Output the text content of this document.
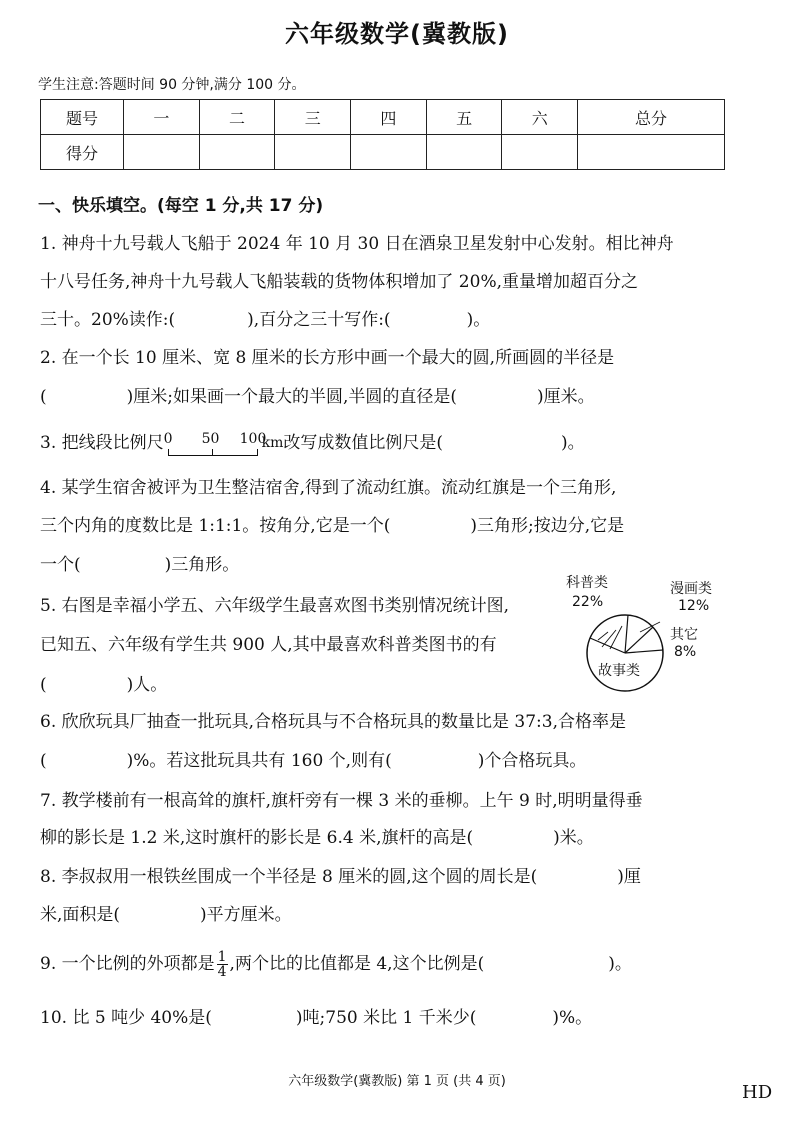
六年级数学(冀教版)
学生注意:答题时间 90 分钟,满分 100 分。
题号	一	二	三	四	五	六	总分
得分							
一、快乐填空。(每空 1 分,共 17 分)
1. 神舟十九号载人飞船于 2024 年 10 月 30 日在酒泉卫星发射中心发射。相比神舟
十八号任务,神舟十九号载人飞船装载的货物体积增加了 20%,重量增加超百分之
三十。20%读作:(	),百分之三十写作:(	)。
2. 在一个长 10 厘米、宽 8 厘米的长方形中画一个最大的圆,所画圆的半径是
(	)厘米;如果画一个最大的半圆,半圆的直径是(	)厘米。
3. 把线段比例尺 0 50 100
$^{km}$改写成数值比例尺是(	)。
4. 某学生宿舍被评为卫生整洁宿舍,得到了流动红旗。流动红旗是一个三角形,
三个内角的度数比是 1:1:1。按角分,它是一个(	)三角形;按边分,它是
一个(	)三角形。
5. 右图是幸福小学五、六年级学生最喜欢图书类别情况统计图,
已知五、六年级有学生共 900 人,其中最喜欢科普类图书的有
(	)人。
科普类
22%
漫画类
12%
其它
8%
故事类
6. 欣欣玩具厂抽查一批玩具,合格玩具与不合格玩具的数量比是 37:3,合格率是
(	)%。若这批玩具共有 160 个,则有(	)个合格玩具。
7. 教学楼前有一根高耸的旗杆,旗杆旁有一棵 3 米的垂柳。上午 9 时,明明量得垂
柳的影长是 1.2 米,这时旗杆的影长是 6.4 米,旗杆的高是(	)米。
8. 李叔叔用一根铁丝围成一个半径是 8 厘米的圆,这个圆的周长是(	)厘
米,面积是(	)平方厘米。
9. 一个比例的外项都是 $\frac{1}{4}$ ,两个比的比值都是 4,这个比例是(	)。
10. 比 5 吨少 40%是(	)吨;750 米比 1 千米少(	)%。
六年级数学(冀教版) 第 1 页 (共 4 页)
HD
